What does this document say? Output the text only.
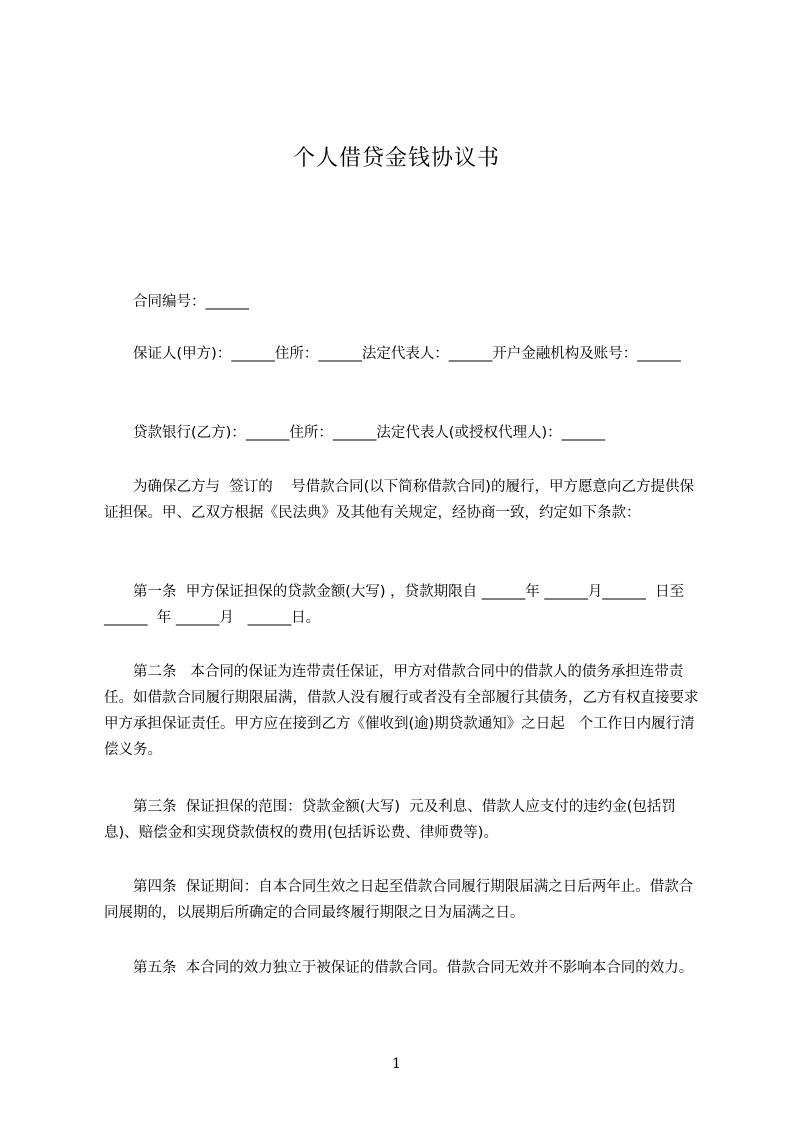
个人借贷金钱协议书
　　合同编号：______
　　保证人(甲方)：______住所：______法定代表人：______开户金融机构及账号：______
　　贷款银行(乙方)：______住所：______法定代表人(或授权代理人)：______
　　为确保乙方与  签订的    号借款合同(以下简称借款合同)的履行，甲方愿意向乙方提供保证担保。甲、乙双方根据《民法典》及其他有关规定，经协商一致，约定如下条款：
　　第一条  甲方保证担保的贷款金额(大写) ，贷款期限自 ______年 ______月______  日至______  年 ______月   ______日。
　　第二条   本合同的保证为连带责任保证，甲方对借款合同中的借款人的债务承担连带责任。如借款合同履行期限届满，借款人没有履行或者没有全部履行其债务，乙方有权直接要求甲方承担保证责任。甲方应在接到乙方《催收到(逾)期贷款通知》之日起   个工作日内履行清偿义务。
　　第三条  保证担保的范围：贷款金额(大写)  元及利息、借款人应支付的违约金(包括罚息)、赔偿金和实现贷款债权的费用(包括诉讼费、律师费等)。
　　第四条  保证期间：自本合同生效之日起至借款合同履行期限届满之日后两年止。借款合同展期的，以展期后所确定的合同最终履行期限之日为届满之日。
　　第五条  本合同的效力独立于被保证的借款合同。借款合同无效并不影响本合同的效力。
1
